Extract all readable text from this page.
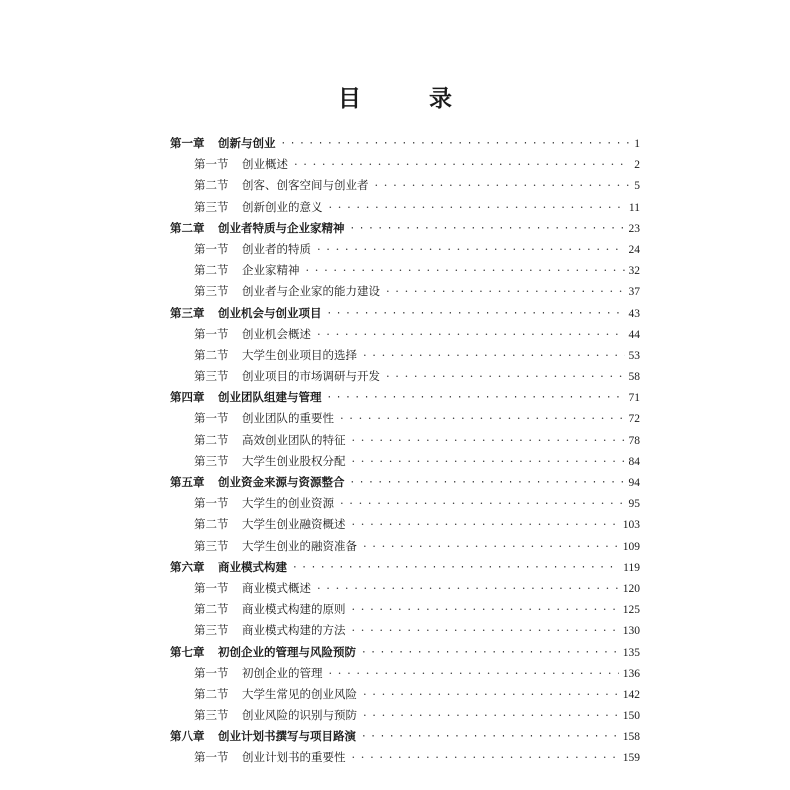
目 录
第一章	创新与创业 · · ·	1
第一节	创业概述 · · ·	2
第二节	创客、创客空间与创业者 · · ·	5
第三节	创新创业的意义 · · ·	11
第二章	创业者特质与企业家精神 · · ·	23
第一节	创业者的特质 · · ·	24
第二节	企业家精神 · · ·	32
第三节	创业者与企业家的能力建设 · · ·	37
第三章	创业机会与创业项目 · · ·	43
第一节	创业机会概述 · · ·	44
第二节	大学生创业项目的选择 · · ·	53
第三节	创业项目的市场调研与开发 · · ·	58
第四章	创业团队组建与管理 · · ·	71
第一节	创业团队的重要性 · · ·	72
第二节	高效创业团队的特征 · · ·	78
第三节	大学生创业股权分配 · · ·	84
第五章	创业资金来源与资源整合 · · ·	94
第一节	大学生的创业资源 · · ·	95
第二节	大学生创业融资概述 · · ·	103
第三节	大学生创业的融资准备 · · ·	109
第六章	商业模式构建 · · ·	119
第一节	商业模式概述 · · ·	120
第二节	商业模式构建的原则 · · ·	125
第三节	商业模式构建的方法 · · ·	130
第七章	初创企业的管理与风险预防 · · ·	135
第一节	初创企业的管理 · · ·	136
第二节	大学生常见的创业风险 · · ·	142
第三节	创业风险的识别与预防 · · ·	150
第八章	创业计划书撰写与项目路演 · · ·	158
第一节	创业计划书的重要性 · · ·	159
